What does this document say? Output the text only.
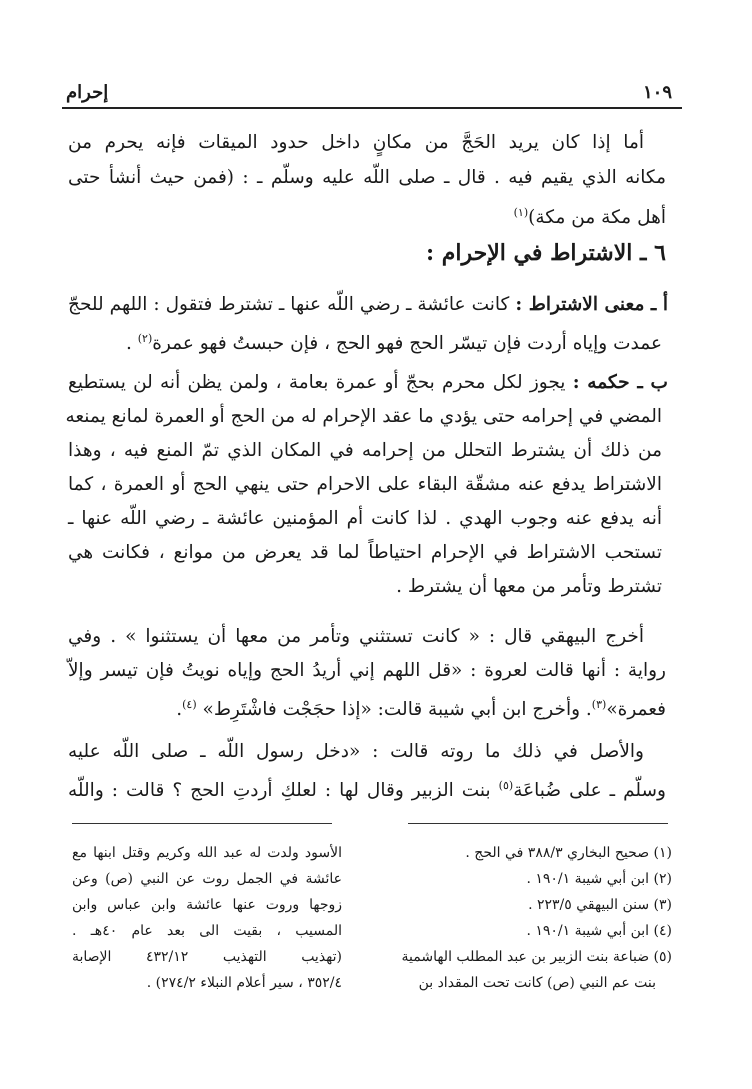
١٠٩
إحرام
أما إذا كان يريد الحَجَّ من مكانٍ داخل حدود الميقات فإنه يحرم من
مكانه الذي يقيم فيه . قال ـ صلى اللّه عليه وسلّم ـ : (فمن حيث أنشأ حتى
أهل مكة من مكة)$^{(١)}$
٦ ـ الاشتراط في الإحرام :
أ ـ معنى الاشتراط : كانت عائشة ـ رضي اللّه عنها ـ تشترط فتقول : اللهم للحجّ
عمدت وإياه أردت فإن تيسّر الحج فهو الحج ، فإن حبستُ فهو عمرة$^{(٢)}$ .
ب ـ حكمه : يجوز لكل محرم بحجّ أو عمرة بعامة ، ولمن يظن أنه لن يستطيع
المضي في إحرامه حتى يؤدي ما عقد الإحرام له من الحج أو العمرة لمانع يمنعه
من ذلك أن يشترط التحلل من إحرامه في المكان الذي تمّ المنع فيه ، وهذا
الاشتراط يدفع عنه مشقّة البقاء على الاحرام حتى ينهي الحج أو العمرة ، كما
أنه يدفع عنه وجوب الهدي . لذا كانت أم المؤمنين عائشة ـ رضي اللّه عنها ـ
تستحب الاشتراط في الإحرام احتياطاً لما قد يعرض من موانع ، فكانت هي
تشترط وتأمر من معها أن يشترط .
أخرج البيهقي قال : « كانت تستثني وتأمر من معها أن يستثنوا » . وفي
رواية : أنها قالت لعروة : «قل اللهم إني أريدُ الحج وإياه نويتُ فإن تيسر وإلاّ
فعمرة»$^{(٣)}$. وأخرج ابن أبي شيبة قالت: «إذا حجَجْت فاشْتَرِط» $^{(٤)}$.
والأصل في ذلك ما روته قالت : «دخل رسول اللّه ـ صلى اللّه عليه
وسلّم ـ على ضُباعَة$^{(٥)}$ بنت الزبير وقال لها : لعلكِ أردتِ الحج ؟ قالت : واللّه
(١) صحيح البخاري ٣٨٨/٣ في الحج .
(٢) ابن أبي شيبة ١٩٠/١ .
(٣) سنن البيهقي ٢٢٣/٥ .
(٤) ابن أبي شيبة ١٩٠/١ .
(٥) ضباعة بنت الزبير بن عبد المطلب الهاشمية
بنت عم النبي (ص) كانت تحت المقداد بن
الأسود ولدت له عبد الله وكريم وقتل ابنها مع
عائشة في الجمل روت عن النبي (ص) وعن
زوجها وروت عنها عائشة وابن عباس وابن
المسيب ، بقيت الى بعد عام ٤٠هـ .
(تهذيب التهذيب ٤٣٢/١٢ الإصابة
٣٥٢/٤ ، سير أعلام النبلاء ٢٧٤/٢) .
